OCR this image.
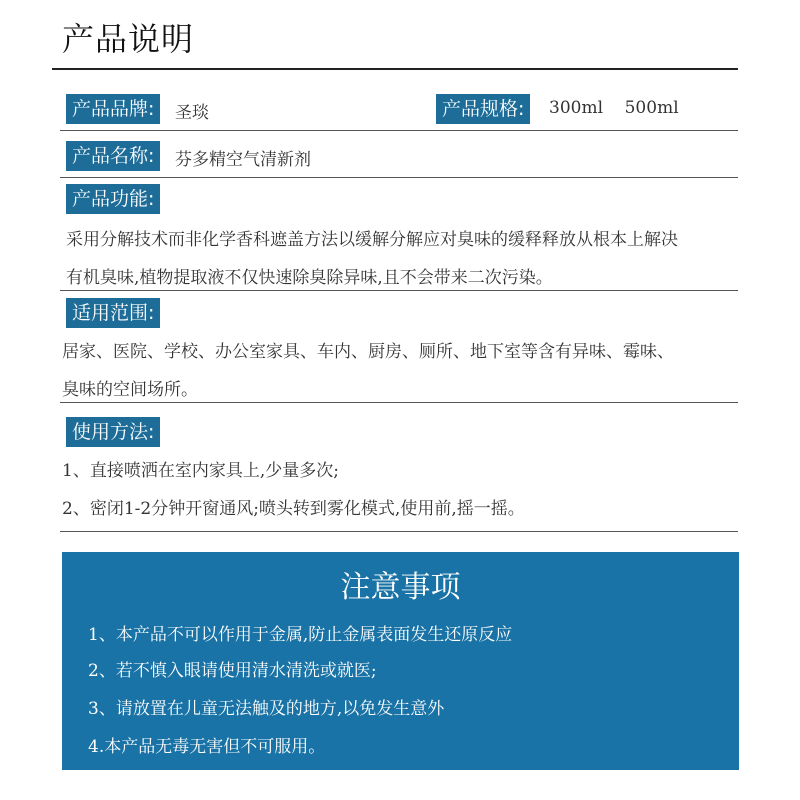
产品说明
产品品牌:	圣琰	产品规格:	300ml    500ml
产品名称:	芬多精空气清新剂
产品功能:
采用分解技术而非化学香科遮盖方法以缓解分解应对臭味的缓释释放从根本上解决
有机臭味,植物提取液不仅快速除臭除异味,且不会带来二次污染。
适用范围:
居家、医院、学校、办公室家具、车内、厨房、厕所、地下室等含有异味、霉味、
臭味的空间场所。
使用方法:
1、直接喷洒在室内家具上,少量多次;
2、密闭1-2分钟开窗通风;喷头转到雾化模式,使用前,摇一摇。
注意事项
1、本产品不可以作用于金属,防止金属表面发生还原反应
2、若不慎入眼请使用清水清洗或就医;
3、请放置在儿童无法触及的地方,以免发生意外
4.本产品无毒无害但不可服用。
